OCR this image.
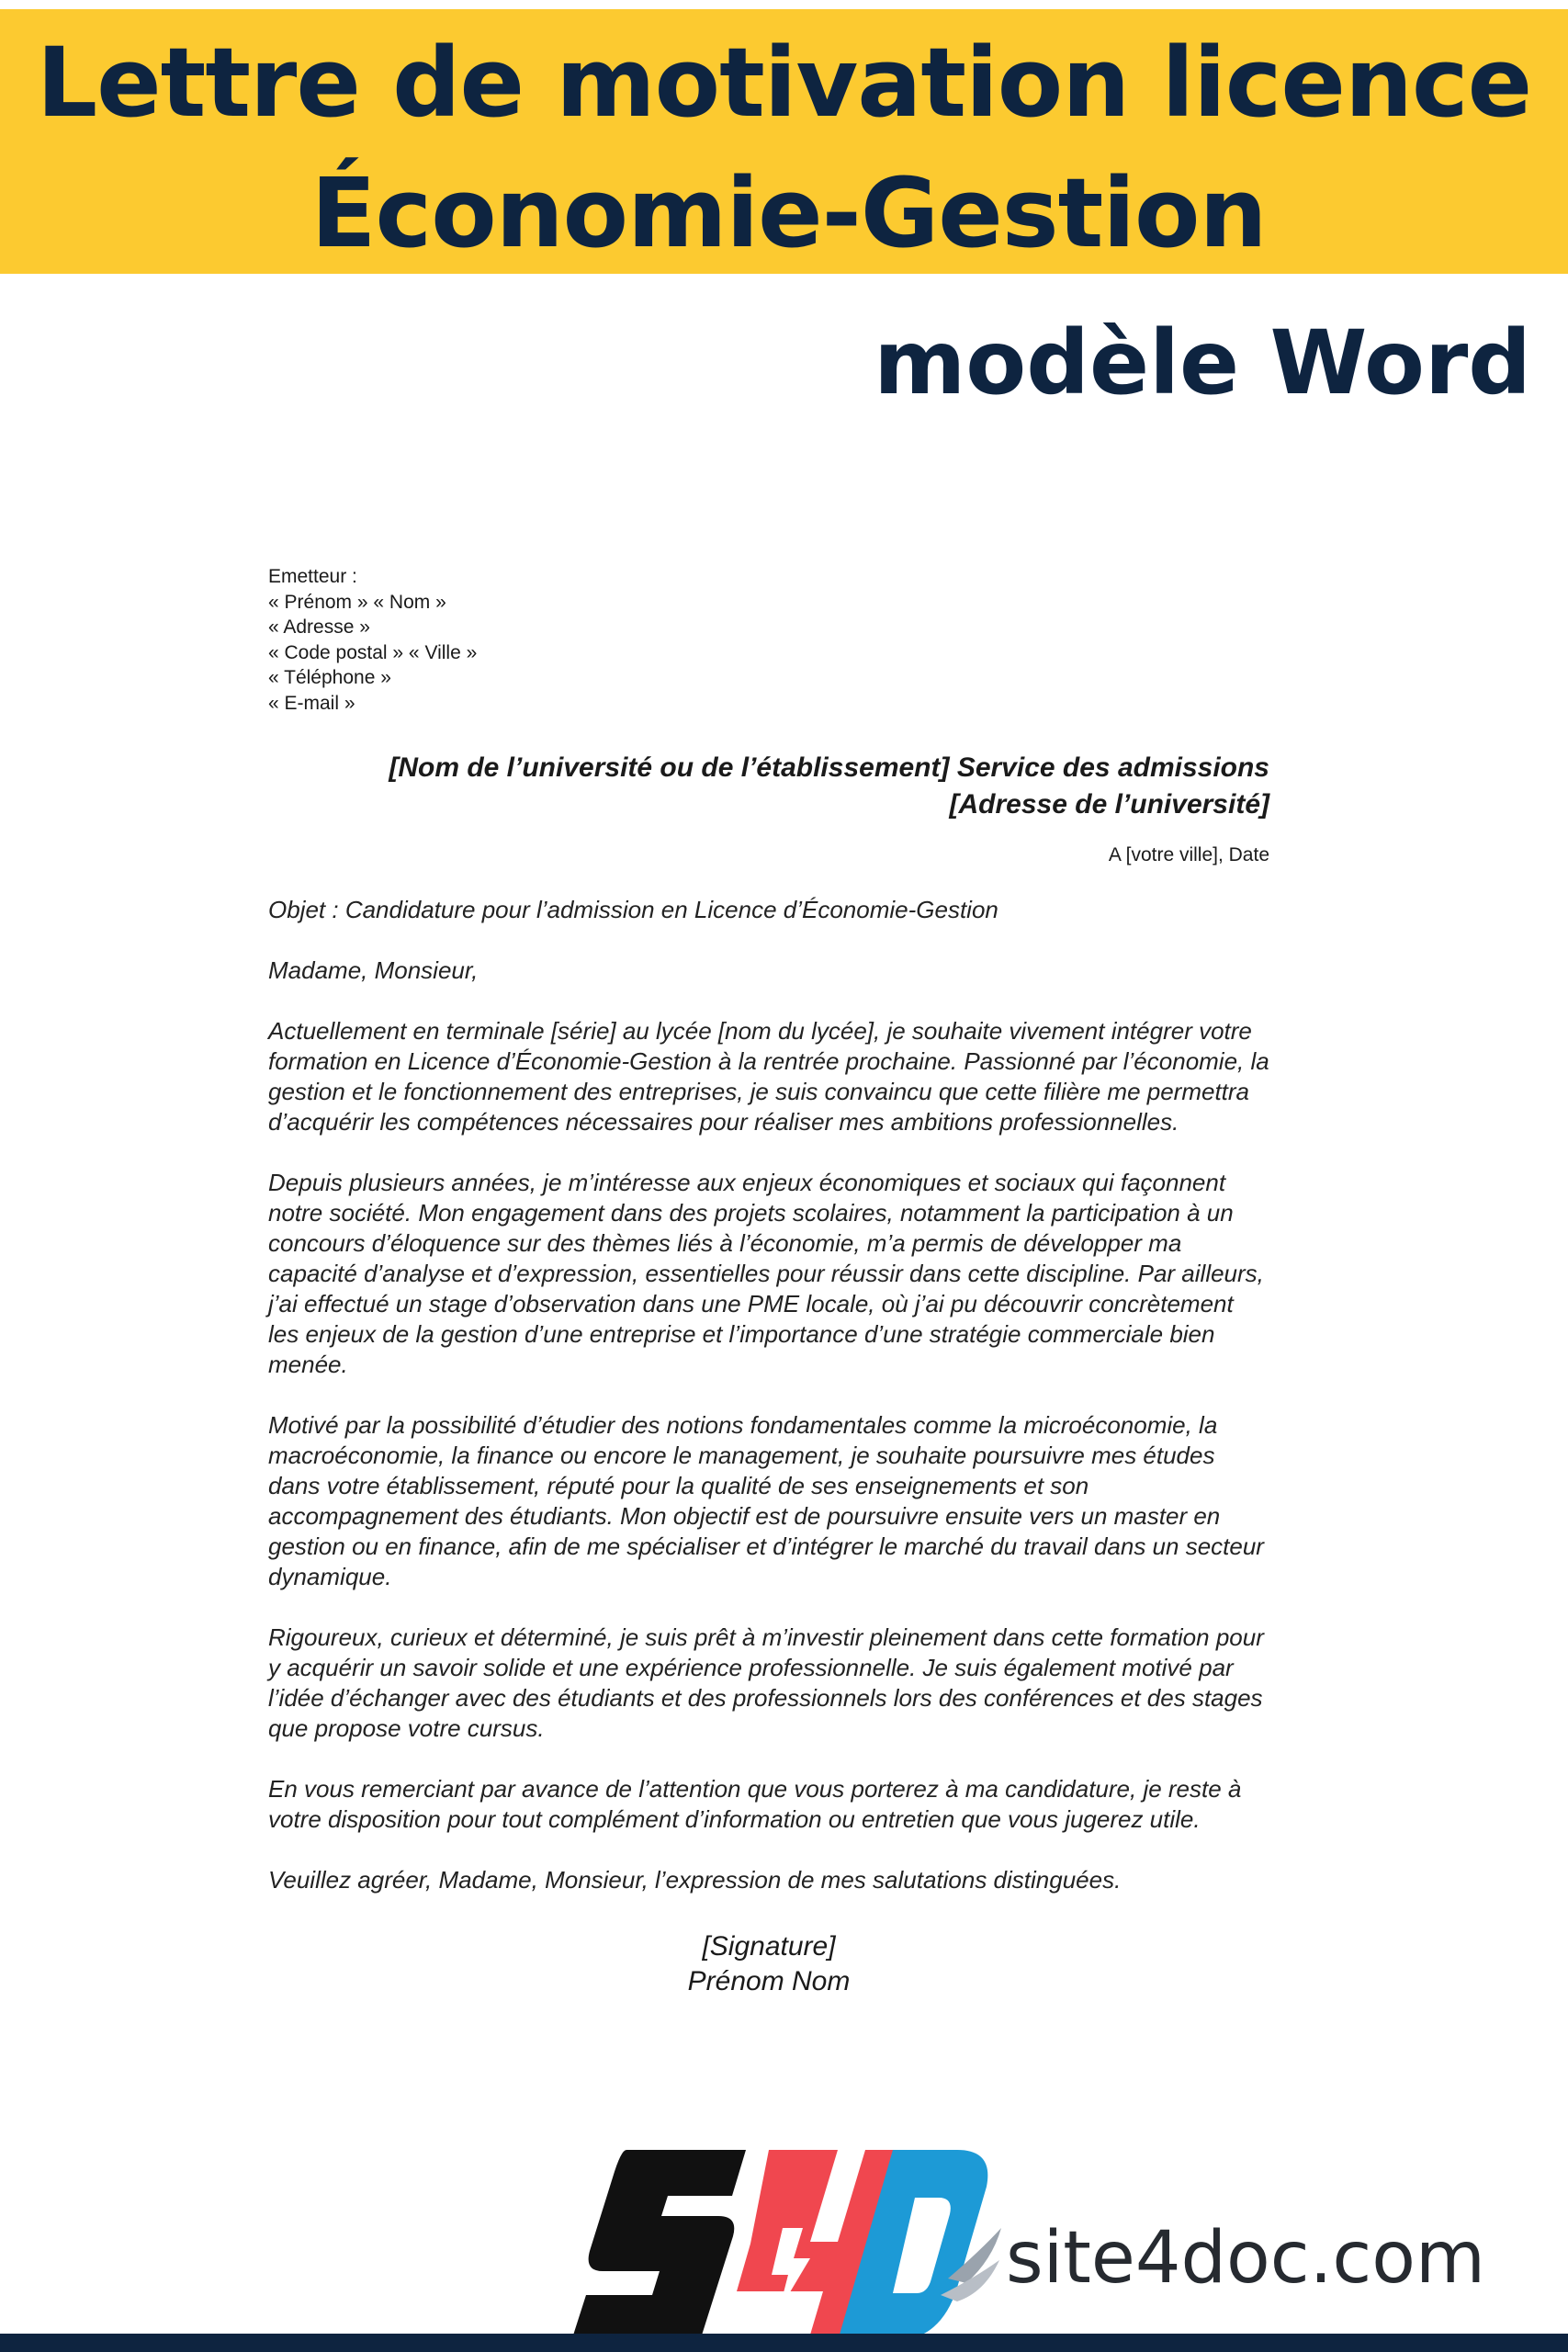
Lettre de motivation licence
Économie-Gestion
modèle Word
Emetteur :
« Prénom » « Nom »
« Adresse »
« Code postal » « Ville »
« Téléphone »
« E-mail »
[Nom de l’université ou de l’établissement] Service des admissions
[Adresse de l’université]
A [votre ville], Date
Objet : Candidature pour l’admission en Licence d’Économie-Gestion
Madame, Monsieur,
Actuellement en terminale [série] au lycée [nom du lycée], je souhaite vivement intégrer votre formation en Licence d’Économie-Gestion à la rentrée prochaine. Passionné par l’économie, la gestion et le fonctionnement des entreprises, je suis convaincu que cette filière me permettra d’acquérir les compétences nécessaires pour réaliser mes ambitions professionnelles.
Depuis plusieurs années, je m’intéresse aux enjeux économiques et sociaux qui façonnent notre société. Mon engagement dans des projets scolaires, notamment la participation à un concours d’éloquence sur des thèmes liés à l’économie, m’a permis de développer ma capacité d’analyse et d’expression, essentielles pour réussir dans cette discipline. Par ailleurs, j’ai effectué un stage d’observation dans une PME locale, où j’ai pu découvrir concrètement les enjeux de la gestion d’une entreprise et l’importance d’une stratégie commerciale bien menée.
Motivé par la possibilité d’étudier des notions fondamentales comme la microéconomie, la macroéconomie, la finance ou encore le management, je souhaite poursuivre mes études dans votre établissement, réputé pour la qualité de ses enseignements et son accompagnement des étudiants. Mon objectif est de poursuivre ensuite vers un master en gestion ou en finance, afin de me spécialiser et d’intégrer le marché du travail dans un secteur dynamique.
Rigoureux, curieux et déterminé, je suis prêt à m’investir pleinement dans cette formation pour y acquérir un savoir solide et une expérience professionnelle. Je suis également motivé par l’idée d’échanger avec des étudiants et des professionnels lors des conférences et des stages que propose votre cursus.
En vous remerciant par avance de l’attention que vous porterez à ma candidature, je reste à votre disposition pour tout complément d’information ou entretien que vous jugerez utile.
Veuillez agréer, Madame, Monsieur, l’expression de mes salutations distinguées.
[Signature]
Prénom Nom
site4doc.com
